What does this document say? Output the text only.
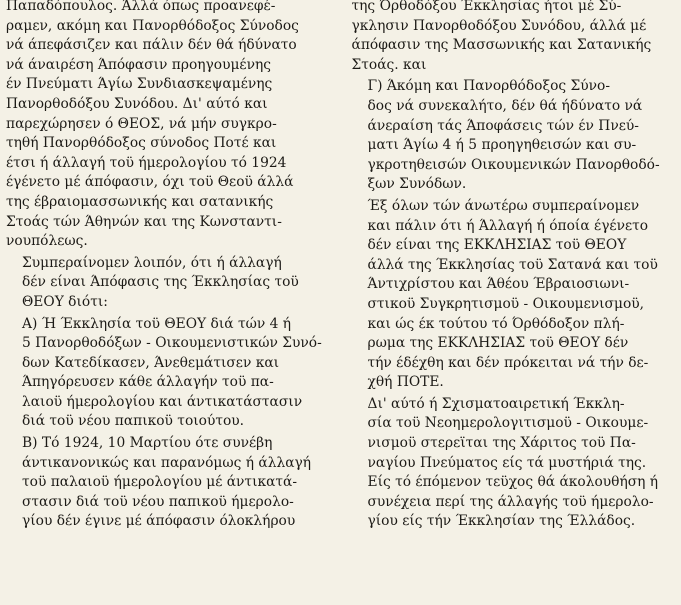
Παπαδόπουλος. Άλλά όπως προανεφέ-
ραμεν, ακόμη και Πανορθόδοξος Σύνοδος
νά άπεφάσιζεν και πάλιν δέν θά ήδύνατο
νά άναιρέση Άπόφασιν προηγουμένης
έν Πνεύματι Άγίω Συνδιασκεψαμένης
Πανορθοδόξου Συνόδου. Δι' αύτό και
παρεχώρησεν ό ΘΕΟΣ, νά μήν συγκρο-
τηθή Πανορθόδοξος σύνοδος Ποτέ και
έτσι ή άλλαγή τοϋ ήμερολογίου τό 1924
έγένετο μέ άπόφασιν, όχι τοϋ Θεοϋ άλλά
της έβραιομασσωνικής και σατανικής
Στοάς τών Άθηνών και της Κωνσταντι-
νουπόλεως.

Συμπεραίνομεν λοιπόν, ότι ή άλλαγή
δέν είναι Άπόφασις της Έκκλησίας τοϋ
ΘΕΟΥ διότι:

Α) Ή Έκκλησία τοϋ ΘΕΟΥ διά τών 4 ή
5 Πανορθοδόξων - Οικουμενιστικών Συνό-
δων Κατεδίκασεν, Άνεθεμάτισεν και
Άπηγόρευσεν κάθε άλλαγήν τοϋ πα-
λαιοϋ ήμερολογίου και άντικατάστασιν
διά τοϋ νέου παπικοϋ τοιούτου.

Β) Τό 1924, 10 Μαρτίου ότε συνέβη
άντικανονικώς και παρανόμως ή άλλαγή
τοϋ παλαιοϋ ήμερολογίου μέ άντικατά-
στασιν διά τοϋ νέου παπικοϋ ήμερολο-
γίου δέν έγινε μέ άπόφασιν όλοκλήρου

της Όρθοδόξου Έκκλησίας ήτοι μέ Σύ-
γκλησιν Πανορθοδόξου Συνόδου, άλλά μέ
άπόφασιν της Μασσωνικής και Σατανικής
Στοάς. και

Γ) Άκόμη και Πανορθόδοξος Σύνο-
δος νά συνεκαλήτο, δέν θά ήδύνατο νά
άνεραίση τάς Άποφάσεις τών έν Πνεύ-
ματι Άγίω 4 ή 5 προηγηθεισών και συ-
γκροτηθεισών Οικουμενικών Πανορθοδό-
ξων Συνόδων.

Έξ όλων τών άνωτέρω συμπεραίνομεν
και πάλιν ότι ή Άλλαγή ή όποία έγένετο
δέν είναι της ΕΚΚΛΗΣΙΑΣ τοϋ ΘΕΟΥ
άλλά της Έκκλησίας τοϋ Σατανά και τοϋ
Άντιχρίστου και Άθέου Έβραιοσιωνι-
στικοϋ Συγκρητισμοϋ - Οικουμενισμοϋ,
και ώς έκ τούτου τό Όρθόδοξον πλή-
ρωμα της ΕΚΚΛΗΣΙΑΣ τοϋ ΘΕΟΥ δέν
τήν έδέχθη και δέν πρόκειται νά τήν δε-
χθή ΠΟΤΕ.

Δι' αύτό ή Σχισματοαιρετική Έκκλη-
σία τοϋ Νεοημερολογιτισμοϋ - Οικουμε-
νισμοϋ στερεϊται της Χάριτος τοϋ Πα-
ναγίου Πνεύματος είς τά μυστήριά της.

Είς τό έπόμενον τεϋχος θά άκολουθήση ή
συνέχεια περί της άλλαγής τοϋ ήμερολο-
γίου είς τήν Έκκλησίαν της Έλλάδος.
